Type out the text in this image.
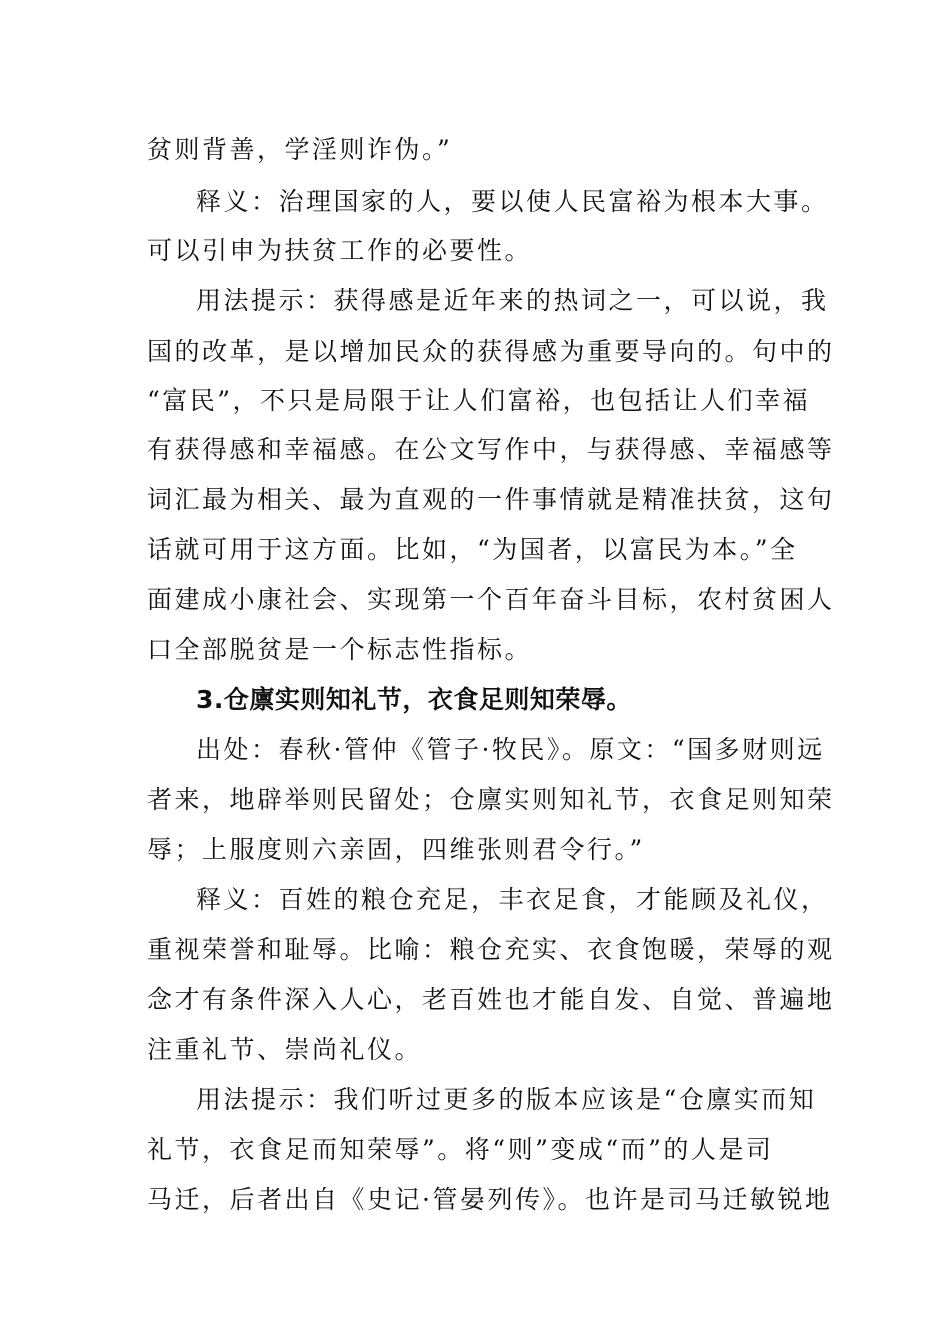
贫则背善，学淫则诈伪。”
释义：治理国家的人，要以使人民富裕为根本大事。
可以引申为扶贫工作的必要性。
用法提示：获得感是近年来的热词之一，可以说，我
国的改革，是以增加民众的获得感为重要导向的。句中的
“富民”，不只是局限于让人们富裕，也包括让人们幸福
有获得感和幸福感。在公文写作中，与获得感、幸福感等
词汇最为相关、最为直观的一件事情就是精准扶贫，这句
话就可用于这方面。比如，“为国者，以富民为本。”全
面建成小康社会、实现第一个百年奋斗目标，农村贫困人
口全部脱贫是一个标志性指标。
3.仓廪实则知礼节，衣食足则知荣辱。
出处：春秋·管仲《管子·牧民》。原文：“国多财则远
者来，地辟举则民留处；仓廪实则知礼节，衣食足则知荣
辱；上服度则六亲固，四维张则君令行。”
释义：百姓的粮仓充足，丰衣足食，才能顾及礼仪，
重视荣誉和耻辱。比喻：粮仓充实、衣食饱暖，荣辱的观
念才有条件深入人心，老百姓也才能自发、自觉、普遍地
注重礼节、崇尚礼仪。
用法提示：我们听过更多的版本应该是“仓廪实而知
礼节，衣食足而知荣辱”。将“则”变成“而”的人是司
马迁，后者出自《史记·管晏列传》。也许是司马迁敏锐地
